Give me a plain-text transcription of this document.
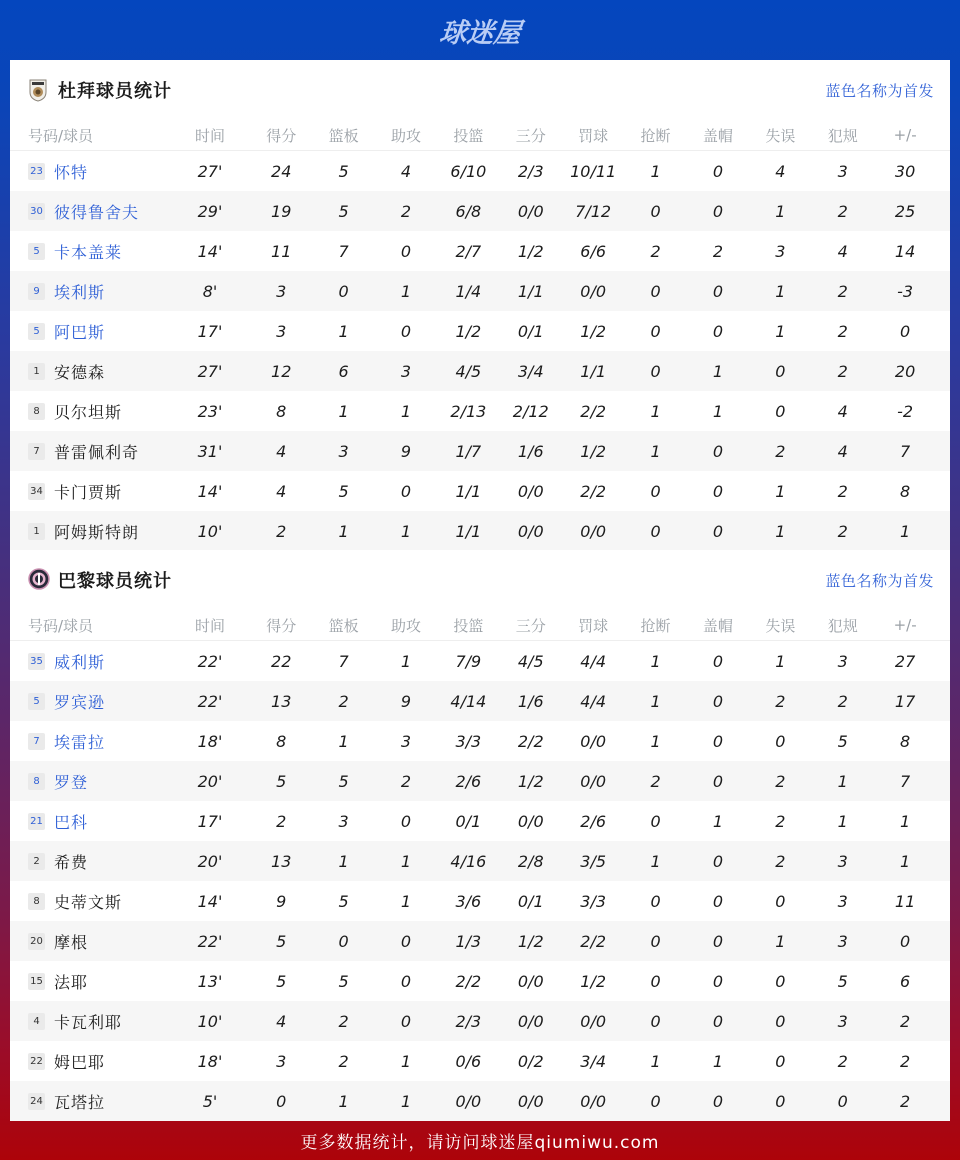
球迷屋
杜拜球员统计	蓝色名称为首发
号码/球员	时间	得分	篮板	助攻	投篮	三分	罚球	抢断	盖帽	失误	犯规	+/-
23 怀特	27'	24	5	4	6/10	2/3	10/11	1	0	4	3	30
30 彼得鲁舍夫	29'	19	5	2	6/8	0/0	7/12	0	0	1	2	25
5 卡本盖莱	14'	11	7	0	2/7	1/2	6/6	2	2	3	4	14
9 埃利斯	8'	3	0	1	1/4	1/1	0/0	0	0	1	2	-3
5 阿巴斯	17'	3	1	0	1/2	0/1	1/2	0	0	1	2	0
1 安德森	27'	12	6	3	4/5	3/4	1/1	0	1	0	2	20
8 贝尔坦斯	23'	8	1	1	2/13	2/12	2/2	1	1	0	4	-2
7 普雷佩利奇	31'	4	3	9	1/7	1/6	1/2	1	0	2	4	7
34 卡门贾斯	14'	4	5	0	1/1	0/0	2/2	0	0	1	2	8
1 阿姆斯特朗	10'	2	1	1	1/1	0/0	0/0	0	0	1	2	1
巴黎球员统计	蓝色名称为首发
号码/球员	时间	得分	篮板	助攻	投篮	三分	罚球	抢断	盖帽	失误	犯规	+/-
35 威利斯	22'	22	7	1	7/9	4/5	4/4	1	0	1	3	27
5 罗宾逊	22'	13	2	9	4/14	1/6	4/4	1	0	2	2	17
7 埃雷拉	18'	8	1	3	3/3	2/2	0/0	1	0	0	5	8
8 罗登	20'	5	5	2	2/6	1/2	0/0	2	0	2	1	7
21 巴科	17'	2	3	0	0/1	0/0	2/6	0	1	2	1	1
2 希费	20'	13	1	1	4/16	2/8	3/5	1	0	2	3	1
8 史蒂文斯	14'	9	5	1	3/6	0/1	3/3	0	0	0	3	11
20 摩根	22'	5	0	0	1/3	1/2	2/2	0	0	1	3	0
15 法耶	13'	5	5	0	2/2	0/0	1/2	0	0	0	5	6
4 卡瓦利耶	10'	4	2	0	2/3	0/0	0/0	0	0	0	3	2
22 姆巴耶	18'	3	2	1	0/6	0/2	3/4	1	1	0	2	2
24 瓦塔拉	5'	0	1	1	0/0	0/0	0/0	0	0	0	0	2
更多数据统计，请访问球迷屋qiumiwu.com
